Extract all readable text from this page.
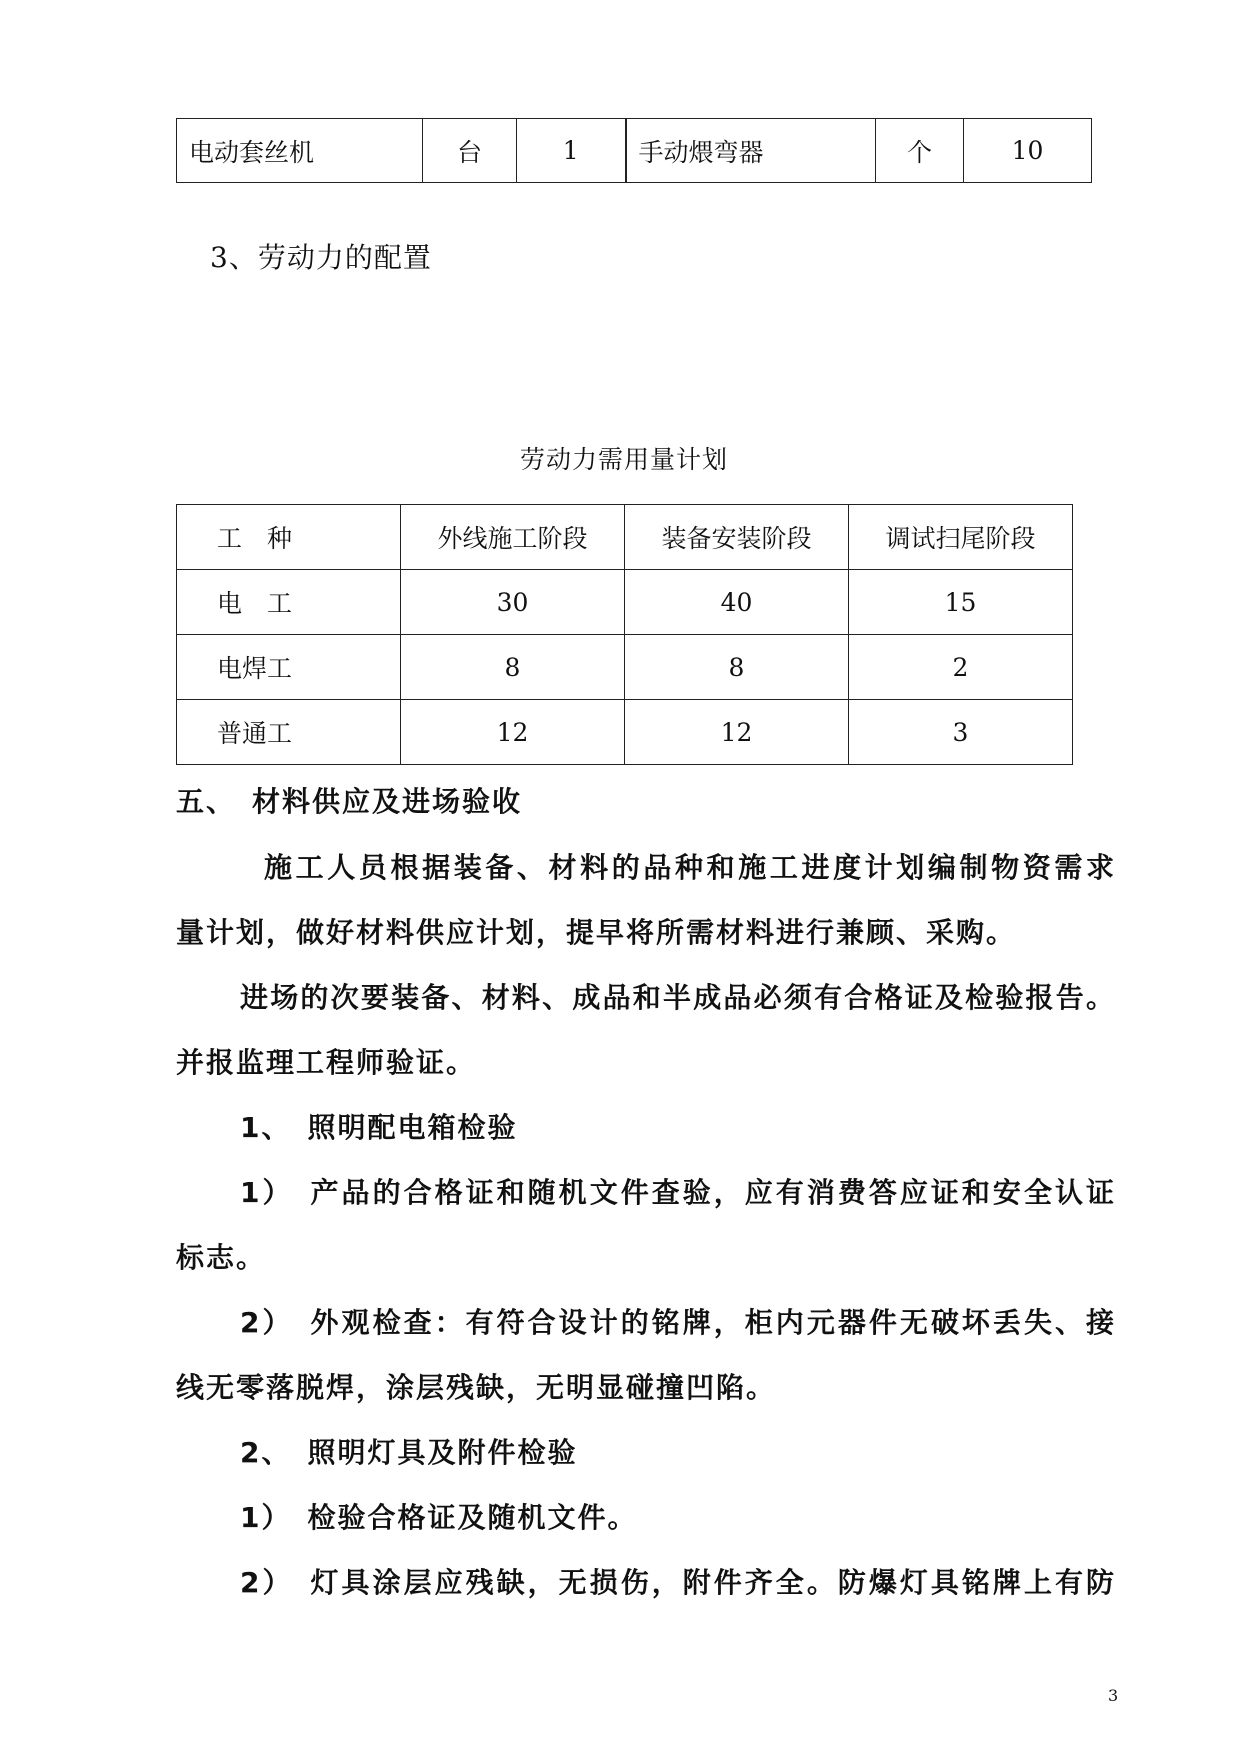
电动套丝机	台	1	手动煨弯器	个	10
3、劳动力的配置
劳动力需用量计划
工　种	外线施工阶段	装备安装阶段	调试扫尾阶段
电　工	30	40	15
电焊工	8	8	2
普通工	12	12	3
五、　材料供应及进场验收
施工人员根据装备、材料的品种和施工进度计划编制物资需求
量计划，做好材料供应计划，提早将所需材料进行兼顾、采购。
进场的次要装备、材料、成品和半成品必须有合格证及检验报告。
并报监理工程师验证。
1、　照明配电箱检验
1）　产品的合格证和随机文件查验，应有消费答应证和安全认证
标志。
2）　外观检查：有符合设计的铭牌，柜内元器件无破坏丢失、接
线无零落脱焊，涂层残缺，无明显碰撞凹陷。
2、　照明灯具及附件检验
1）　检验合格证及随机文件。
2）　灯具涂层应残缺，无损伤，附件齐全。防爆灯具铭牌上有防
3
